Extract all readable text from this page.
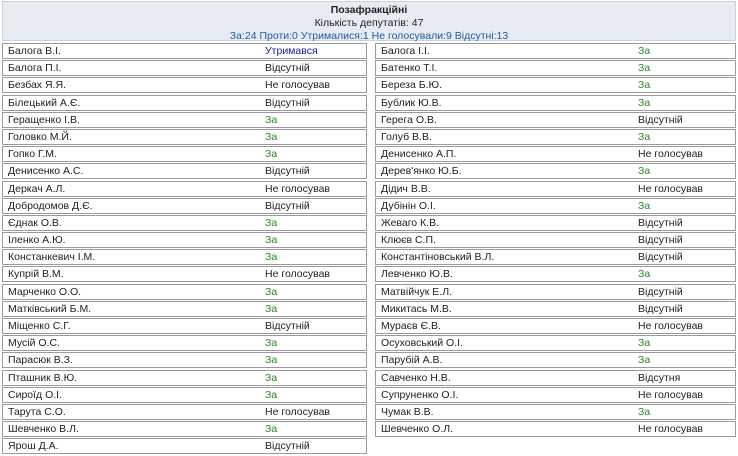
Позафракційні
Кількість депутатів: 47
За:24 Проти:0 Утрималися:1 Не голосували:9 Відсутні:13
Балога В.І.	Утримався
Балога П.І.	Відсутній
Безбах Я.Я.	Не голосував
Білецький А.Є.	Відсутній
Геращенко І.В.	За
Головко М.Й.	За
Гопко Г.М.	За
Денисенко А.С.	Відсутній
Деркач А.Л.	Не голосував
Добродомов Д.Є.	Відсутній
Єднак О.В.	За
Іленко А.Ю.	За
Констанкевич І.М.	За
Купрій В.М.	Не голосував
Марченко О.О.	За
Матківський Б.М.	За
Міщенко С.Г.	Відсутній
Мусій О.С.	За
Парасюк В.З.	За
Пташник В.Ю.	За
Сироїд О.І.	За
Тарута С.О.	Не голосував
Шевченко В.Л.	За
Ярош Д.А.	Відсутній
Балога І.І.	За
Батенко Т.І.	За
Береза Б.Ю.	За
Бублик Ю.В.	За
Герега О.В.	Відсутній
Голуб В.В.	За
Денисенко А.П.	Не голосував
Дерев'янко Ю.Б.	За
Дідич В.В.	Не голосував
Дубінін О.І.	За
Жеваго К.В.	Відсутній
Клюєв С.П.	Відсутній
Константіновський В.Л.	Відсутній
Левченко Ю.В.	За
Матвійчук Е.Л.	Відсутній
Микитась М.В.	Відсутній
Мураєв Є.В.	Не голосував
Осуховський О.І.	За
Парубій А.В.	За
Савченко Н.В.	Відсутня
Супруненко О.І.	Не голосував
Чумак В.В.	За
Шевченко О.Л.	Не голосував
